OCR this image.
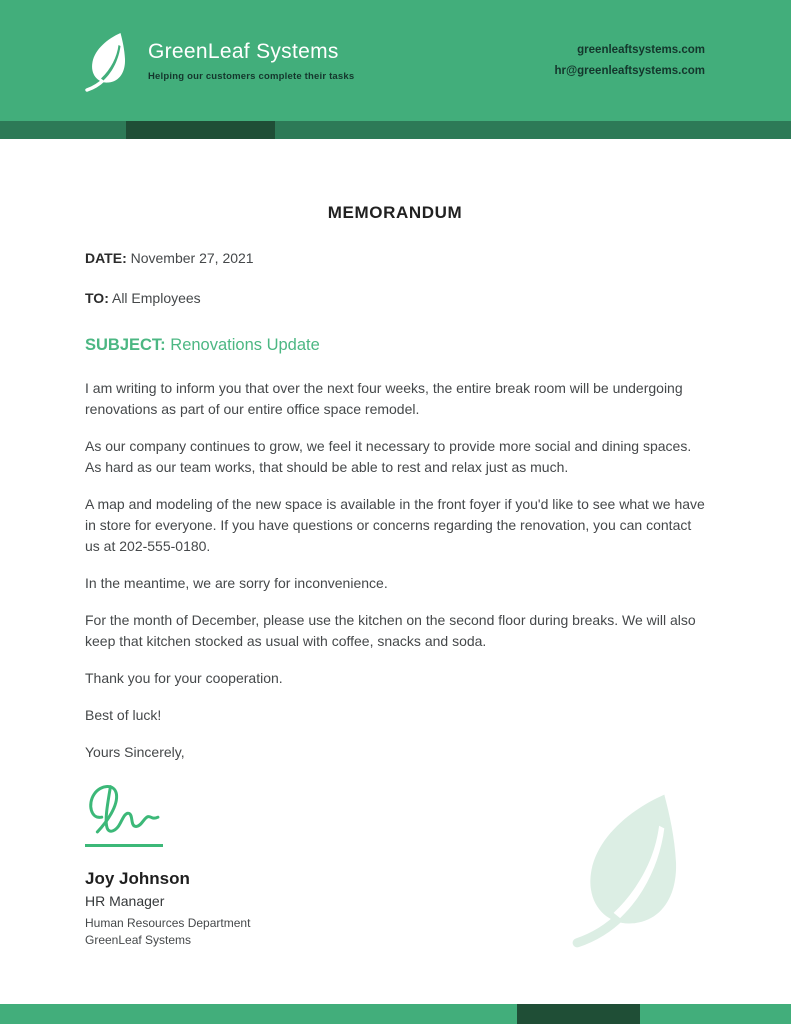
GreenLeaf Systems
Helping our customers complete their tasks
greenleaftsystems.com
hr@greenleaftsystems.com
MEMORANDUM
DATE: November 27, 2021
TO: All Employees
SUBJECT: Renovations Update

I am writing to inform you that over the next four weeks, the entire break room will be undergoing renovations as part of our entire office space remodel.

As our company continues to grow, we feel it necessary to provide more social and dining spaces. As hard as our team works, that should be able to rest and relax just as much.

A map and modeling of the new space is available in the front foyer if you'd like to see what we have in store for everyone. If you have questions or concerns regarding the renovation, you can contact us at 202-555-0180.

In the meantime, we are sorry for inconvenience.

For the month of December, please use the kitchen on the second floor during breaks. We will also keep that kitchen stocked as usual with coffee, snacks and soda.

Thank you for your cooperation.

Best of luck!

Yours Sincerely,

Joy Johnson
HR Manager
Human Resources Department
GreenLeaf Systems
